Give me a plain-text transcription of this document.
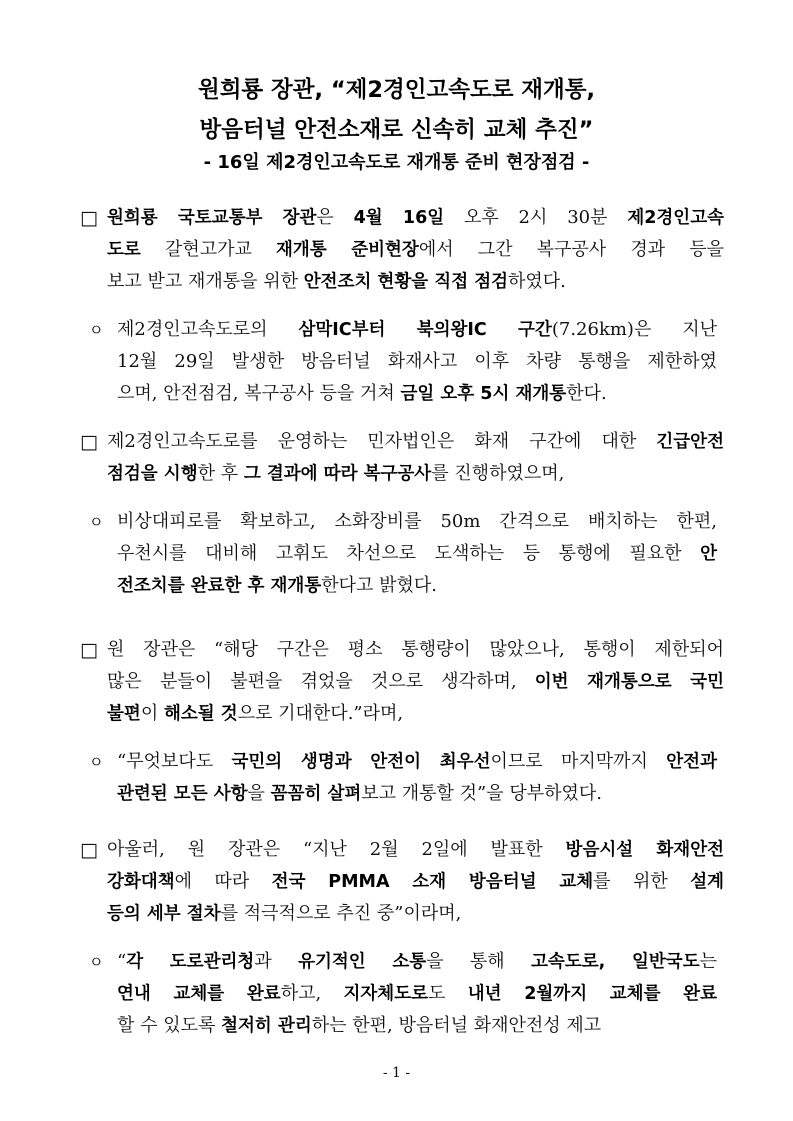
원희룡 장관, “제2경인고속도로 재개통,
방음터널 안전소재로 신속히 교체 추진”
- 16일 제2경인고속도로 재개통 준비 현장점검 -
□ 원희룡 국토교통부 장관은 4월 16일 오후 2시 30분 제2경인고속
도로 갈현고가교 재개통 준비현장에서 그간 복구공사 경과 등을
보고 받고 재개통을 위한 안전조치 현황을 직접 점검하였다.
ㅇ 제2경인고속도로의 삼막IC부터 북의왕IC 구간(7.26km)은 지난
12월 29일 발생한 방음터널 화재사고 이후 차량 통행을 제한하였
으며, 안전점검, 복구공사 등을 거쳐 금일 오후 5시 재개통한다.
□ 제2경인고속도로를 운영하는 민자법인은 화재 구간에 대한 긴급안전
점검을 시행한 후 그 결과에 따라 복구공사를 진행하였으며,
ㅇ 비상대피로를 확보하고, 소화장비를 50m 간격으로 배치하는 한편,
우천시를 대비해 고휘도 차선으로 도색하는 등 통행에 필요한 안
전조치를 완료한 후 재개통한다고 밝혔다.
□ 원 장관은 “해당 구간은 평소 통행량이 많았으나, 통행이 제한되어
많은 분들이 불편을 겪었을 것으로 생각하며, 이번 재개통으로 국민
불편이 해소될 것으로 기대한다.”라며,
ㅇ “무엇보다도 국민의 생명과 안전이 최우선이므로 마지막까지 안전과
관련된 모든 사항을 꼼꼼히 살펴보고 개통할 것”을 당부하였다.
□ 아울러, 원 장관은 “지난 2월 2일에 발표한 방음시설 화재안전
강화대책에 따라 전국 PMMA 소재 방음터널 교체를 위한 설계
등의 세부 절차를 적극적으로 추진 중”이라며,
ㅇ “각 도로관리청과 유기적인 소통을 통해 고속도로, 일반국도는
연내 교체를 완료하고, 지자체도로도 내년 2월까지 교체를 완료
할 수 있도록 철저히 관리하는 한편, 방음터널 화재안전성 제고
- 1 -
